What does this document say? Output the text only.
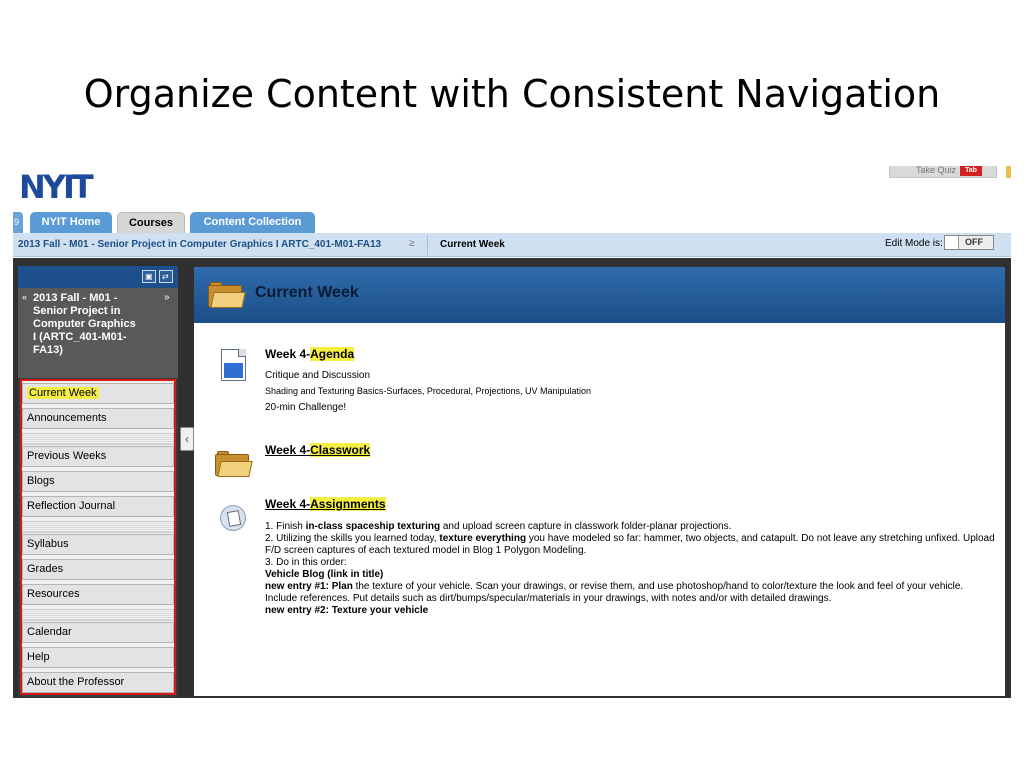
Organize Content with Consistent Navigation
NYIT	Take Quiz	Tab
9	NYIT Home	Courses	Content Collection
2013 Fall - M01 - Senior Project in Computer Graphics I ARTC_401-M01-FA13	≥	Current Week	Edit Mode is: OFF
▣ ⇄
« 2013 Fall - M01 - Senior Project in Computer Graphics I (ARTC_401-M01-FA13)
»
Current Week
Announcements
Previous Weeks
Blogs
Reflection Journal
Syllabus
Grades
Resources
Calendar
Help
About the Professor
‹
Current Week
Week 4-Agenda
Critique and Discussion
Shading and Texturing Basics-Surfaces, Procedural, Projections, UV Manipulation
20-min Challenge!
Week 4-Classwork
Week 4-Assignments

1. Finish in-class spaceship texturing and upload screen capture in classwork folder-planar projections.

2. Utilizing the skills you learned today, texture everything you have modeled so far: hammer, two objects, and catapult. Do not leave any stretching unfixed. Upload F/D screen captures of each textured model in Blog 1 Polygon Modeling.

3. Do in this order:

Vehicle Blog (link in title)

new entry #1: Plan the texture of your vehicle. Scan your drawings, or revise them, and use photoshop/hand to color/texture the look and feel of your vehicle. Include references. Put details such as dirt/bumps/specular/materials in your drawings, with notes and/or with detailed drawings.

new entry #2: Texture your vehicle
